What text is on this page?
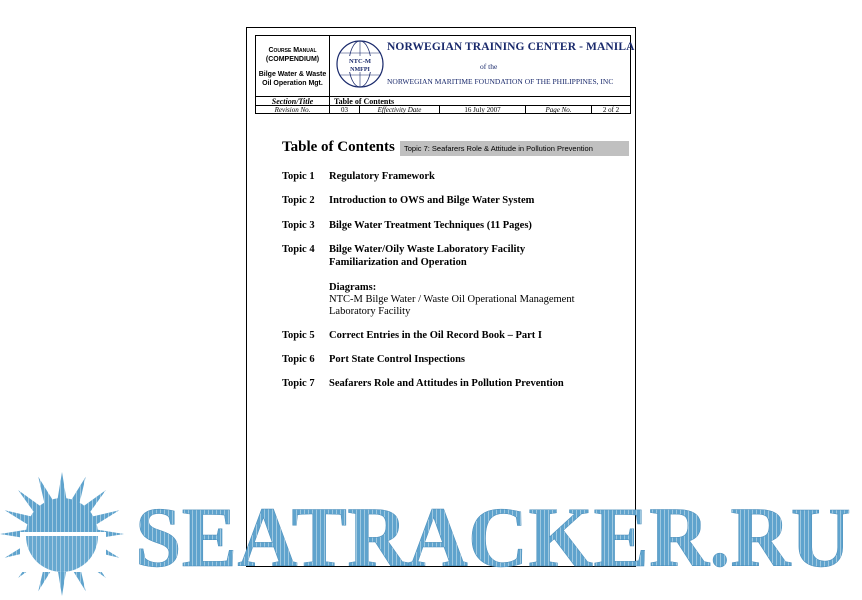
Course Manual
(COMPENDIUM)
Bilge Water & Waste
Oil Operation Mgt.
NTC-M
NMFPI
NORWEGIAN TRAINING CENTER - MANILA
of the
NORWEGIAN MARITIME FOUNDATION OF THE PHILIPPINES, INC
Section/Title	Table of Contents
Revision No.	03	Effectivity Date	16 July 2007	Page No.	2 of 2
Table of Contents	Topic 7: Seafarers Role & Attitude in Pollution Prevention
Topic 1 Regulatory Framework
Topic 2 Introduction to OWS and Bilge Water System
Topic 3 Bilge Water Treatment Techniques (11 Pages)
Topic 4 Bilge Water/Oily Waste Laboratory Facility
Familiarization and Operation
Diagrams:
NTC-M Bilge Water / Waste Oil Operational Management
Laboratory Facility
Topic 5 Correct Entries in the Oil Record Book – Part I
Topic 6 Port State Control Inspections
Topic 7 Seafarers Role and Attitudes in Pollution Prevention
SEATRACKER.RU
